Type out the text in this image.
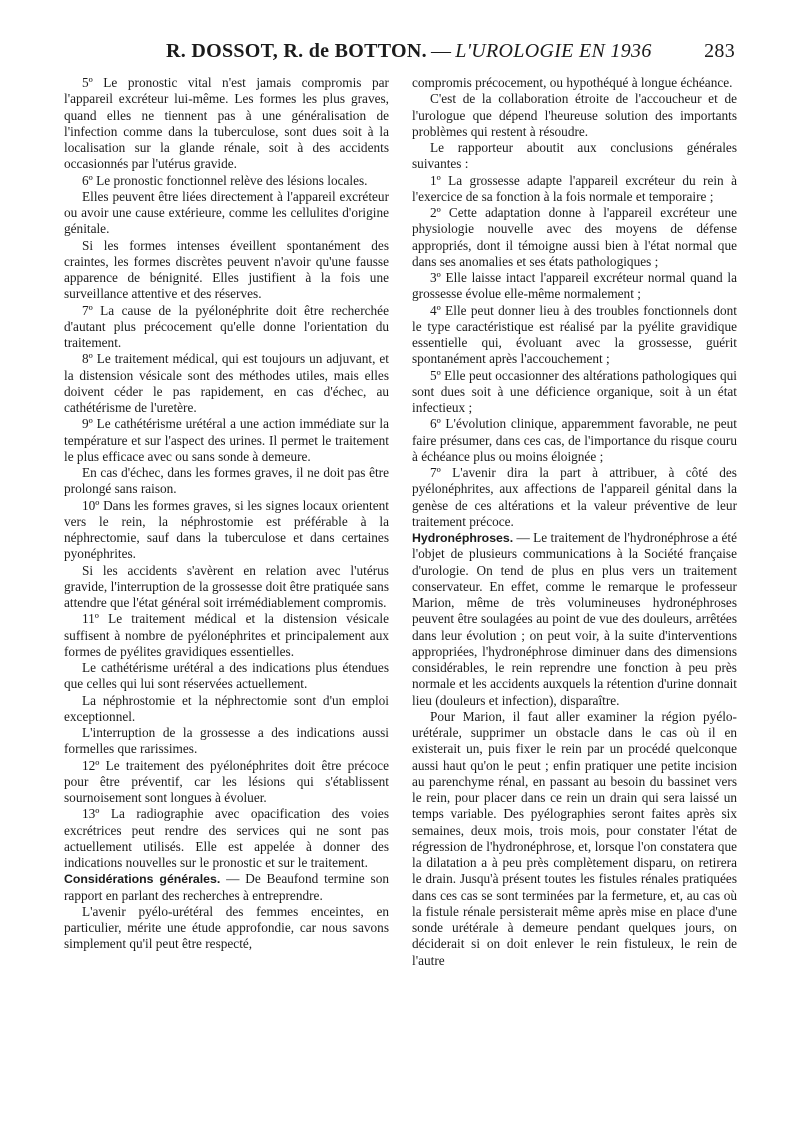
R. DOSSOT, R. de BOTTON. — L'UROLOGIE EN 1936	283

5º Le pronostic vital n'est jamais compromis par l'appareil excréteur lui-même. Les formes les plus graves, quand elles ne tiennent pas à une généralisation de l'infection comme dans la tuberculose, sont dues soit à la localisation sur la glande rénale, soit à des accidents occasionnés par l'utérus gravide.

6º Le pronostic fonctionnel relève des lésions locales.

Elles peuvent être liées directement à l'appareil excréteur ou avoir une cause extérieure, comme les cellulites d'origine génitale.

Si les formes intenses éveillent spontanément des craintes, les formes discrètes peuvent n'avoir qu'une fausse apparence de bénignité. Elles justifient à la fois une surveillance attentive et des réserves.

7º La cause de la pyélonéphrite doit être recherchée d'autant plus précocement qu'elle donne l'orientation du traitement.

8º Le traitement médical, qui est toujours un adjuvant, et la distension vésicale sont des méthodes utiles, mais elles doivent céder le pas rapidement, en cas d'échec, au cathétérisme de l'uretère.

9º Le cathétérisme urétéral a une action immédiate sur la température et sur l'aspect des urines. Il permet le traitement le plus efficace avec ou sans sonde à demeure.

En cas d'échec, dans les formes graves, il ne doit pas être prolongé sans raison.

10º Dans les formes graves, si les signes locaux orientent vers le rein, la néphrostomie est préférable à la néphrectomie, sauf dans la tuberculose et dans certaines pyonéphrites.

Si les accidents s'avèrent en relation avec l'utérus gravide, l'interruption de la grossesse doit être pratiquée sans attendre que l'état général soit irrémédiablement compromis.

11º Le traitement médical et la distension vésicale suffisent à nombre de pyélonéphrites et principalement aux formes de pyélites gravidiques essentielles.

Le cathétérisme urétéral a des indications plus étendues que celles qui lui sont réservées actuellement.

La néphrostomie et la néphrectomie sont d'un emploi exceptionnel.

L'interruption de la grossesse a des indications aussi formelles que rarissimes.

12º Le traitement des pyélonéphrites doit être précoce pour être préventif, car les lésions qui s'établissent sournoisement sont longues à évoluer.

13º La radiographie avec opacification des voies excrétrices peut rendre des services qui ne sont pas actuellement utilisés. Elle est appelée à donner des indications nouvelles sur le pronostic et sur le traitement.

Considérations générales. — De Beaufond termine son rapport en parlant des recherches à entreprendre.

L'avenir pyélo-urétéral des femmes enceintes, en particulier, mérite une étude approfondie, car nous savons simplement qu'il peut être respecté,

compromis précocement, ou hypothéqué à longue échéance.

C'est de la collaboration étroite de l'accoucheur et de l'urologue que dépend l'heureuse solution des importants problèmes qui restent à résoudre.

Le rapporteur aboutit aux conclusions générales suivantes :

1º La grossesse adapte l'appareil excréteur du rein à l'exercice de sa fonction à la fois normale et temporaire ;

2º Cette adaptation donne à l'appareil excréteur une physiologie nouvelle avec des moyens de défense appropriés, dont il témoigne aussi bien à l'état normal que dans ses anomalies et ses états pathologiques ;

3º Elle laisse intact l'appareil excréteur normal quand la grossesse évolue elle-même normalement ;

4º Elle peut donner lieu à des troubles fonctionnels dont le type caractéristique est réalisé par la pyélite gravidique essentielle qui, évoluant avec la grossesse, guérit spontanément après l'accouchement ;

5º Elle peut occasionner des altérations pathologiques qui sont dues soit à une déficience organique, soit à un état infectieux ;

6º L'évolution clinique, apparemment favorable, ne peut faire présumer, dans ces cas, de l'importance du risque couru à échéance plus ou moins éloignée ;

7º L'avenir dira la part à attribuer, à côté des pyélonéphrites, aux affections de l'appareil génital dans la genèse de ces altérations et la valeur préventive de leur traitement précoce.

Hydronéphroses. — Le traitement de l'hydronéphrose a été l'objet de plusieurs communications à la Société française d'urologie. On tend de plus en plus vers un traitement conservateur. En effet, comme le remarque le professeur Marion, même de très volumineuses hydronéphroses peuvent être soulagées au point de vue des douleurs, arrêtées dans leur évolution ; on peut voir, à la suite d'interventions appropriées, l'hydronéphrose diminuer dans des dimensions considérables, le rein reprendre une fonction à peu près normale et les accidents auxquels la rétention d'urine donnait lieu (douleurs et infection), disparaître.

Pour Marion, il faut aller examiner la région pyélo-urétérale, supprimer un obstacle dans le cas où il en existerait un, puis fixer le rein par un procédé quelconque aussi haut qu'on le peut ; enfin pratiquer une petite incision au parenchyme rénal, en passant au besoin du bassinet vers le rein, pour placer dans ce rein un drain qui sera laissé un temps variable. Des pyélographies seront faites après six semaines, deux mois, trois mois, pour constater l'état de régression de l'hydronéphrose, et, lorsque l'on constatera que la dilatation a à peu près complètement disparu, on retirera le drain. Jusqu'à présent toutes les fistules rénales pratiquées dans ces cas se sont terminées par la fermeture, et, au cas où la fistule rénale persisterait même après mise en place d'une sonde urétérale à demeure pendant quelques jours, on déciderait si on doit enlever le rein fistuleux, le rein de l'autre
